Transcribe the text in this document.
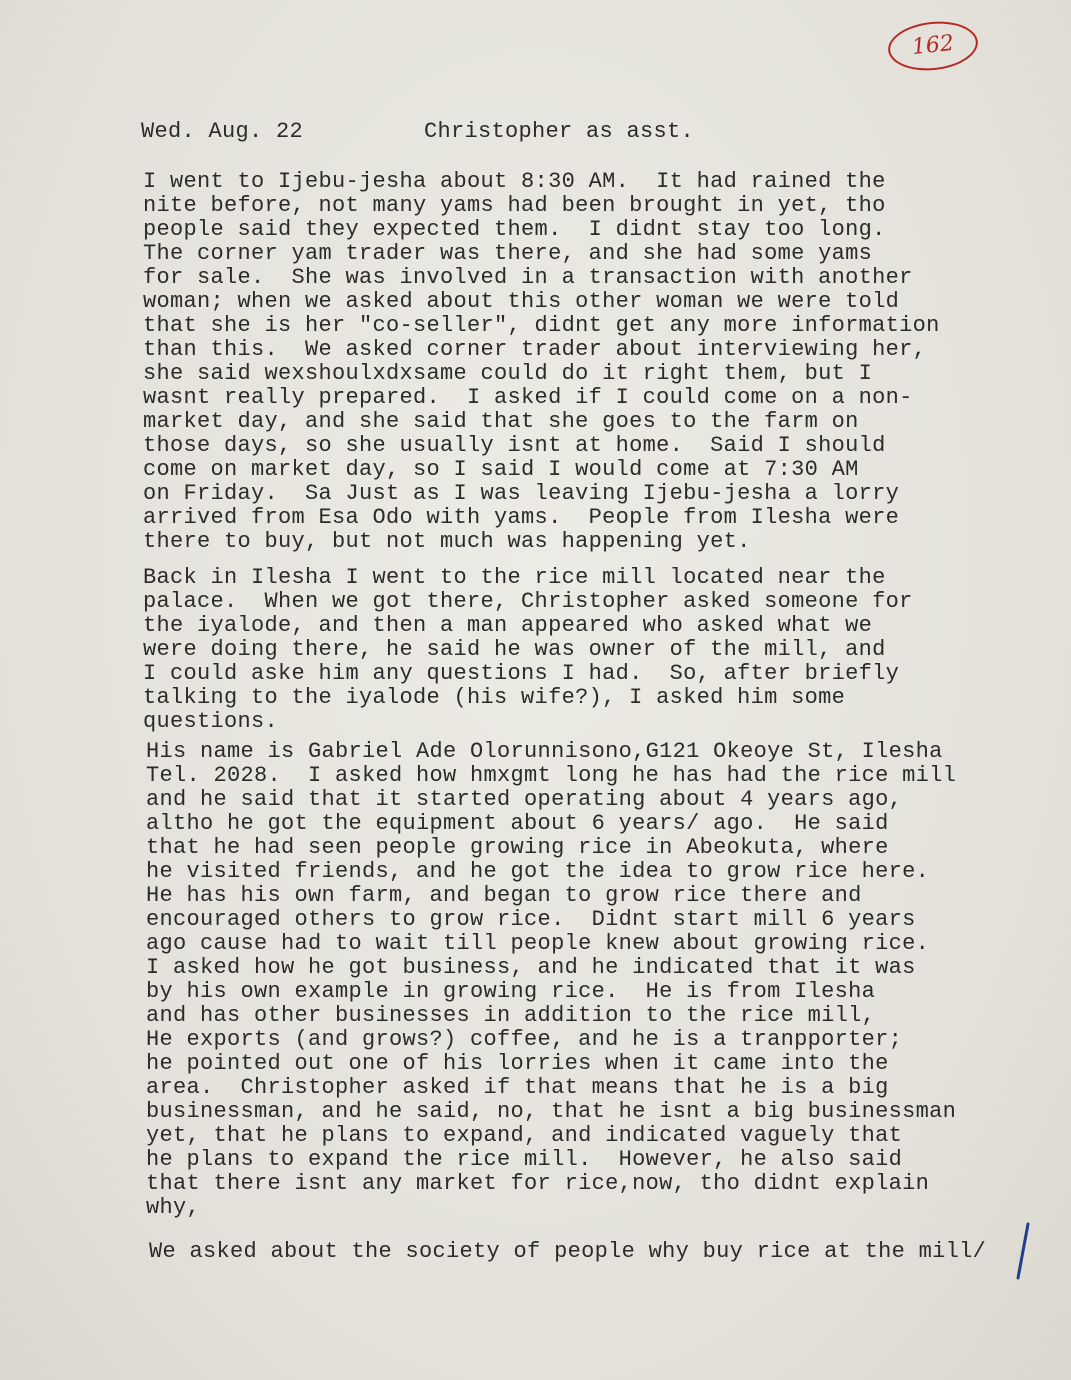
162
Wed. Aug. 22	Christopher as asst.
I went to Ijebu-jesha about 8:30 AM.  It had rained the
nite before, not many yams had been brought in yet, tho
people said they expected them.  I didnt stay too long.
The corner yam trader was there, and she had some yams
for sale.  She was involved in a transaction with another
woman; when we asked about this other woman we were told
that she is her "co-seller", didnt get any more information
than this.  We asked corner trader about interviewing her,
she said wexshoulxdxsame could do it right them, but I
wasnt really prepared.  I asked if I could come on a non-
market day, and she said that she goes to the farm on
those days, so she usually isnt at home.  Said I should
come on market day, so I said I would come at 7:30 AM
on Friday.  Sa Just as I was leaving Ijebu-jesha a lorry
arrived from Esa Odo with yams.  People from Ilesha were
there to buy, but not much was happening yet.
Back in Ilesha I went to the rice mill located near the
palace.  When we got there, Christopher asked someone for
the iyalode, and then a man appeared who asked what we
were doing there, he said he was owner of the mill, and
I could aske him any questions I had.  So, after briefly
talking to the iyalode (his wife?), I asked him some
questions.
His name is Gabriel Ade Olorunnisono,G121 Okeoye St, Ilesha
Tel. 2028.  I asked how hmxgmt long he has had the rice mill
and he said that it started operating about 4 years ago,
altho he got the equipment about 6 years/ ago.  He said
that he had seen people growing rice in Abeokuta, where
he visited friends, and he got the idea to grow rice here.
He has his own farm, and began to grow rice there and
encouraged others to grow rice.  Didnt start mill 6 years
ago cause had to wait till people knew about growing rice.
I asked how he got business, and he indicated that it was
by his own example in growing rice.  He is from Ilesha
and has other businesses in addition to the rice mill,
He exports (and grows?) coffee, and he is a tranpporter;
he pointed out one of his lorries when it came into the
area.  Christopher asked if that means that he is a big
businessman, and he said, no, that he isnt a big businessman
yet, that he plans to expand, and indicated vaguely that
he plans to expand the rice mill.  However, he also said
that there isnt any market for rice,now, tho didnt explain
why,
We asked about the society of people why buy rice at the mill/
